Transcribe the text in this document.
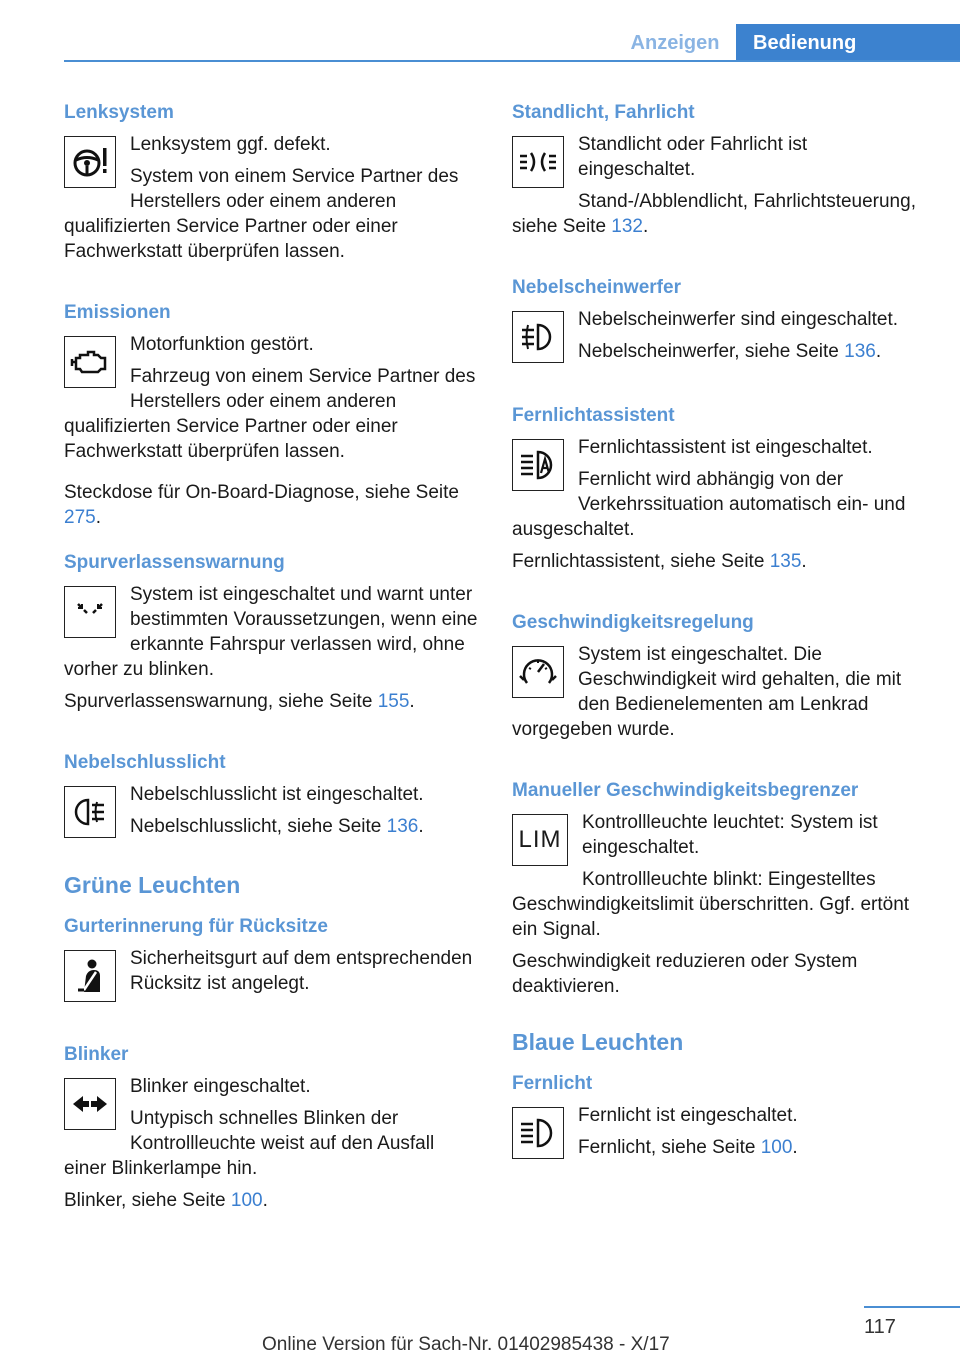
Anzeigen	Bedienung
Lenksystem
Lenksystem ggf. defekt.
System von einem Service Partner des Herstellers oder einem anderen qualifizierten Service Partner oder einer Fachwerkstatt überprüfen lassen.
Emissionen
Motorfunktion gestört.
Fahrzeug von einem Service Partner des Herstellers oder einem anderen qualifizierten Service Partner oder einer Fachwerkstatt überprüfen lassen.
Steckdose für On-Board-Diagnose, siehe Seite 275.
Spurverlassenswarnung
System ist eingeschaltet und warnt unter bestimmten Voraussetzungen, wenn eine erkannte Fahrspur verlassen wird, ohne vorher zu blinken.
Spurverlassenswarnung, siehe Seite 155.
Nebelschlusslicht
Nebelschlusslicht ist eingeschaltet.
Nebelschlusslicht, siehe Seite 136.
Grüne Leuchten
Gurterinnerung für Rücksitze
Sicherheitsgurt auf dem entsprechenden Rücksitz ist angelegt.
Blinker
Blinker eingeschaltet.
Untypisch schnelles Blinken der Kontrollleuchte weist auf den Ausfall einer Blinkerlampe hin.
Blinker, siehe Seite 100.
Standlicht, Fahrlicht
Standlicht oder Fahrlicht ist eingeschaltet.
Stand-/Abblendlicht, Fahrlichtsteuerung, siehe Seite 132.
Nebelscheinwerfer
Nebelscheinwerfer sind eingeschaltet.
Nebelscheinwerfer, siehe Seite 136.
Fernlichtassistent
Fernlichtassistent ist eingeschaltet.
Fernlicht wird abhängig von der Verkehrssituation automatisch ein- und ausgeschaltet.
Fernlichtassistent, siehe Seite 135.
Geschwindigkeitsregelung
System ist eingeschaltet. Die Geschwindigkeit wird gehalten, die mit den Bedienelementen am Lenkrad vorgegeben wurde.
Manueller Geschwindigkeitsbegrenzer
LIM
Kontrollleuchte leuchtet: System ist eingeschaltet.
Kontrollleuchte blinkt: Eingestelltes Geschwindigkeitslimit überschritten. Ggf. ertönt ein Signal.
Geschwindigkeit reduzieren oder System deaktivieren.
Blaue Leuchten
Fernlicht
Fernlicht ist eingeschaltet.
Fernlicht, siehe Seite 100.
117
Online Version für Sach-Nr. 01402985438 - X/17
